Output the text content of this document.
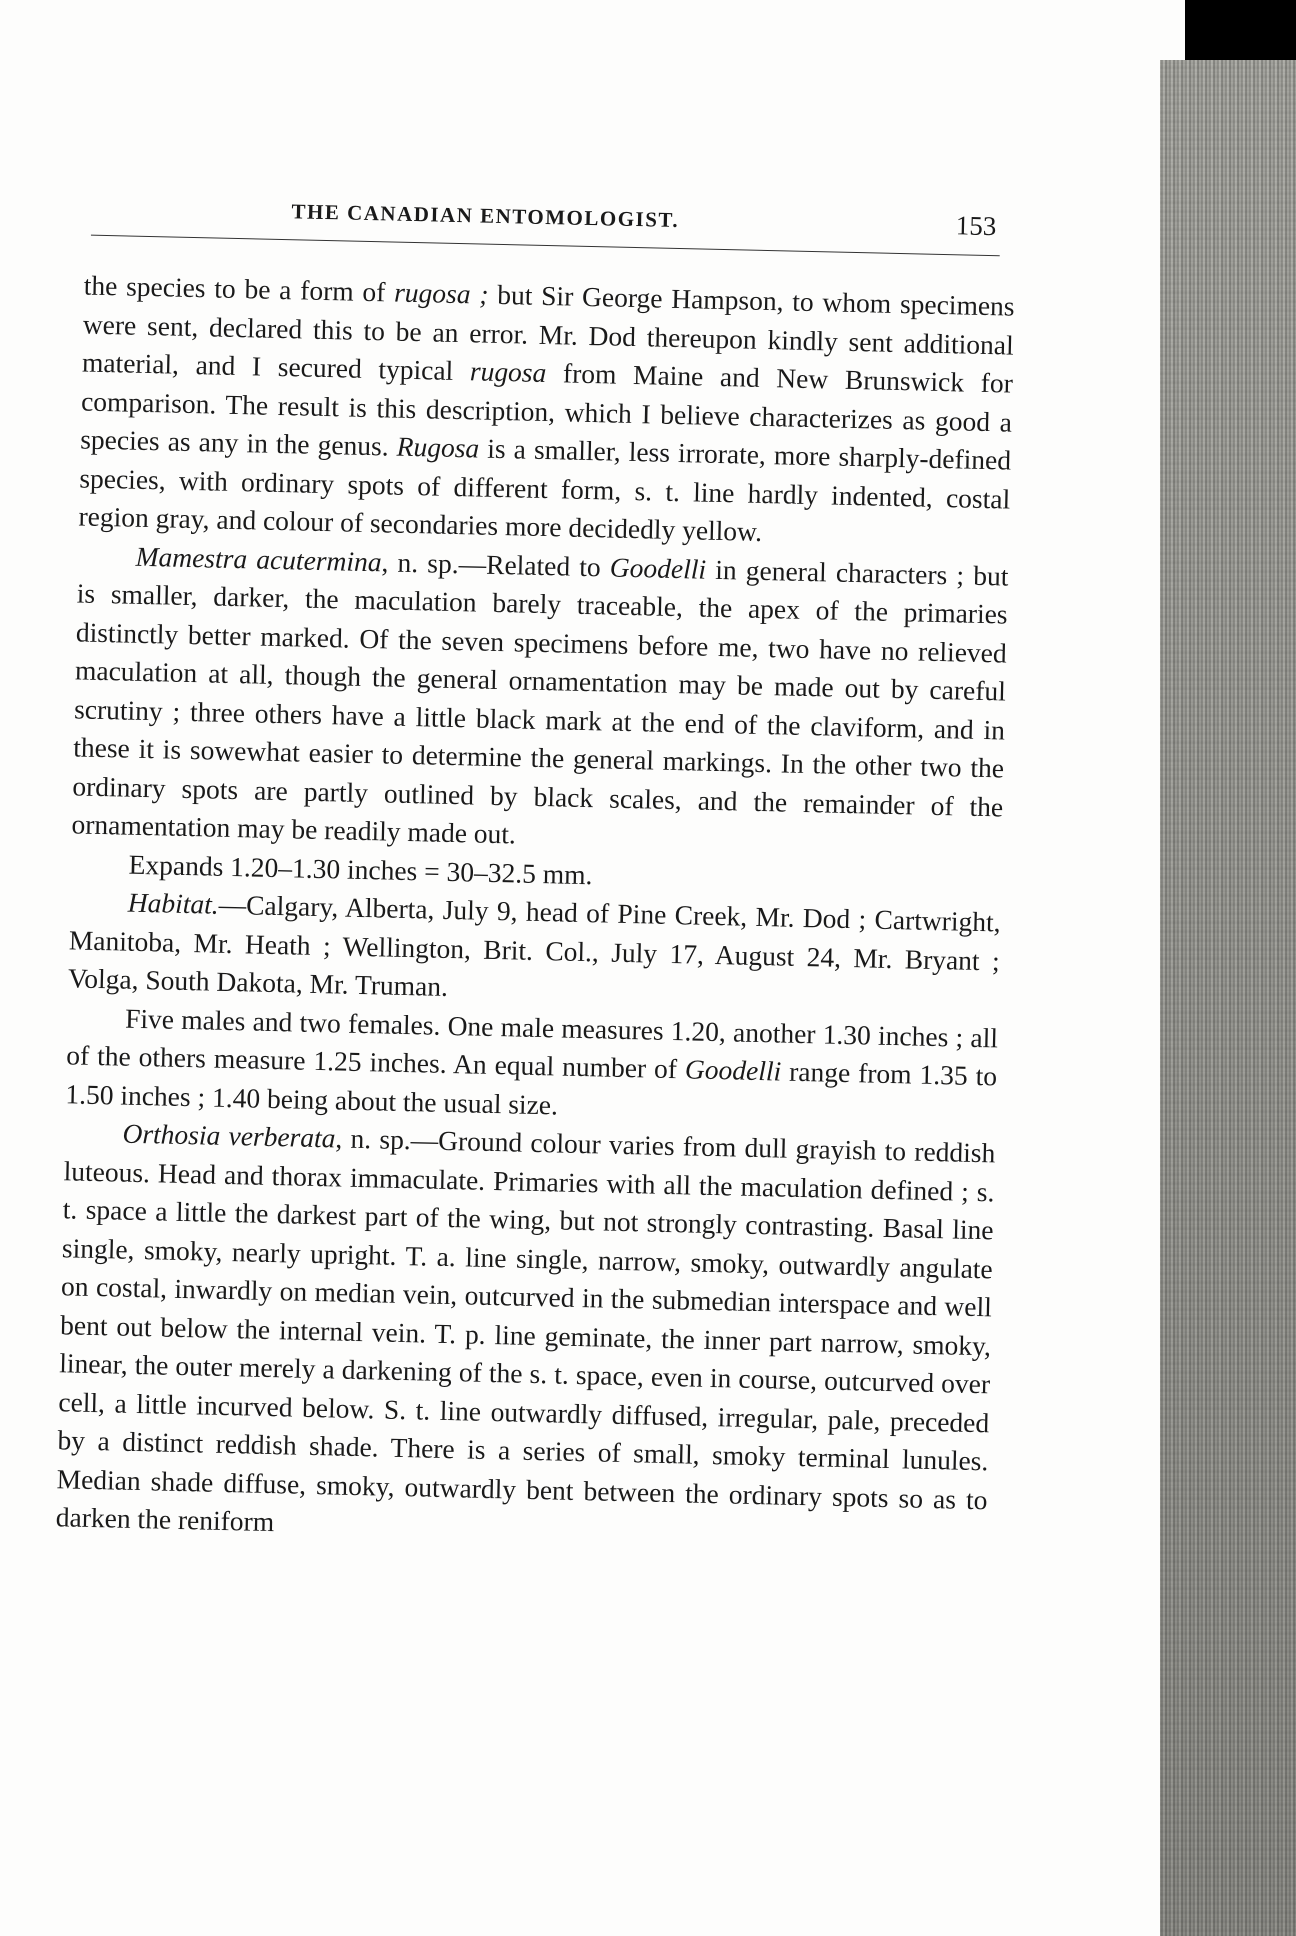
THE CANADIAN ENTOMOLOGIST.	153

the species to be a form of rugosa ; but Sir George Hampson, to whom specimens were sent, declared this to be an error. Mr. Dod thereupon kindly sent additional material, and I secured typical rugosa from Maine and New Brunswick for comparison. The result is this description, which I believe characterizes as good a species as any in the genus. Rugosa is a smaller, less irrorate, more sharply-defined species, with ordinary spots of different form, s. t. line hardly indented, costal region gray, and colour of secondaries more decidedly yellow.

Mamestra acutermina, n. sp.—Related to Goodelli in general characters ; but is smaller, darker, the maculation barely traceable, the apex of the primaries distinctly better marked. Of the seven specimens before me, two have no relieved maculation at all, though the general ornamentation may be made out by careful scrutiny ; three others have a little black mark at the end of the claviform, and in these it is sowewhat easier to determine the general markings. In the other two the ordinary spots are partly outlined by black scales, and the remainder of the ornamentation may be readily made out.

Expands 1.20–1.30 inches = 30–32.5 mm.

Habitat.—Calgary, Alberta, July 9, head of Pine Creek, Mr. Dod ; Cartwright, Manitoba, Mr. Heath ; Wellington, Brit. Col., July 17, August 24, Mr. Bryant ; Volga, South Dakota, Mr. Truman.

Five males and two females. One male measures 1.20, another 1.30 inches ; all of the others measure 1.25 inches. An equal number of Goodelli range from 1.35 to 1.50 inches ; 1.40 being about the usual size.

Orthosia verberata, n. sp.—Ground colour varies from dull grayish to reddish luteous. Head and thorax immaculate. Primaries with all the maculation defined ; s. t. space a little the darkest part of the wing, but not strongly contrasting. Basal line single, smoky, nearly upright. T. a. line single, narrow, smoky, outwardly angulate on costal, inwardly on median vein, outcurved in the submedian interspace and well bent out below the internal vein. T. p. line geminate, the inner part narrow, smoky, linear, the outer merely a darkening of the s. t. space, even in course, outcurved over cell, a little incurved below. S. t. line outwardly diffused, irregular, pale, preceded by a distinct reddish shade. There is a series of small, smoky terminal lunules. Median shade diffuse, smoky, outwardly bent between the ordinary spots so as to darken the reniform
